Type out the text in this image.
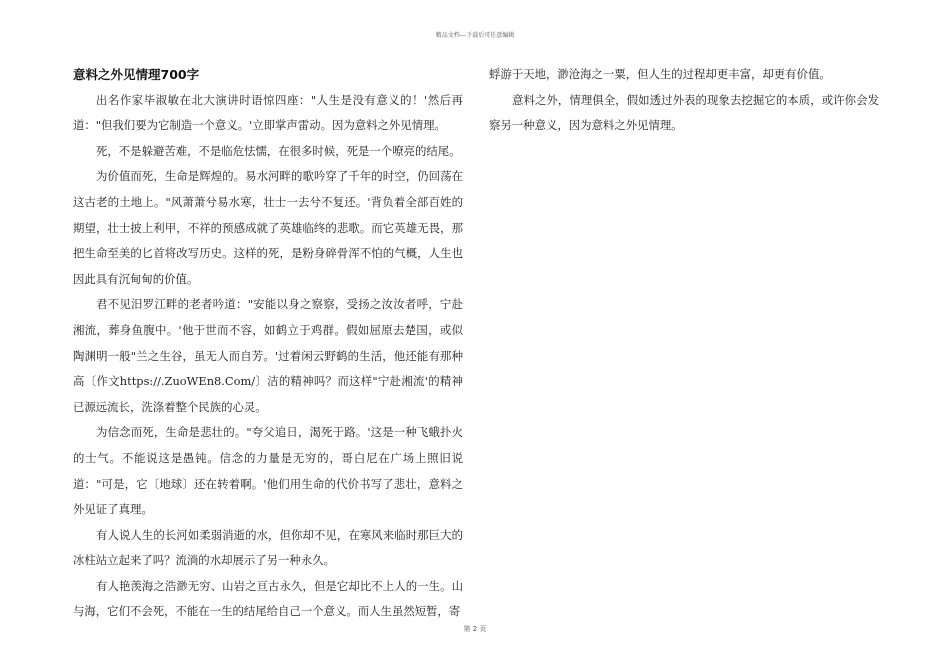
精品文档---下载后可任意编辑
意料之外见情理700字

出名作家毕淑敏在北大演讲时语惊四座："人生是没有意义的！'然后再道："但我们要为它制造一个意义。'立即掌声雷动。因为意料之外见情理。

死，不是躲避苦难，不是临危怯懦，在很多时候，死是一个嘹亮的结尾。

为价值而死，生命是辉煌的。易水河畔的歌吟穿了千年的时空，仍回荡在这古老的土地上。"风萧萧兮易水寒，壮士一去兮不复还。'背负着全部百姓的期望，壮士披上利甲，不祥的预感成就了英雄临终的悲歌。而它英雄无畏，那把生命至美的匕首将改写历史。这样的死，是粉身碎骨浑不怕的气概，人生也因此具有沉甸甸的价值。

君不见汨罗江畔的老者吟道："安能以身之察察，受扬之汝汝者呼，宁赴湘流，葬身鱼腹中。'他于世而不容，如鹤立于鸡群。假如屈原去楚国，或似陶渊明一般"兰之生谷，虽无人而自芳。'过着闲云野鹤的生活，他还能有那种高〔作文https://.ZuoWEn8.Com/〕洁的精神吗？而这样"宁赴湘流'的精神已源远流长，洗涤着整个民族的心灵。

为信念而死，生命是悲壮的。"夸父追日，渴死于路。'这是一种飞蛾扑火的士气。不能说这是愚钝。信念的力量是无穷的，哥白尼在广场上照旧说道："可是，它〔地球〕还在转着啊。'他们用生命的代价书写了悲壮，意料之外见证了真理。

有人说人生的长河如柔弱消逝的水，但你却不见，在寒风来临时那巨大的冰柱站立起来了吗？流淌的水却展示了另一种永久。

有人艳羡海之浩渺无穷、山岩之亘古永久，但是它却比不上人的一生。山与海，它们不会死，不能在一生的结尾给自己一个意义。而人生虽然短暂，寄

蜉游于天地，渺沧海之一粟，但人生的过程却更丰富，却更有价值。

意料之外，情理俱全，假如透过外表的现象去挖掘它的本质，或许你会发察另一种意义，因为意料之外见情理。

第 2 页
